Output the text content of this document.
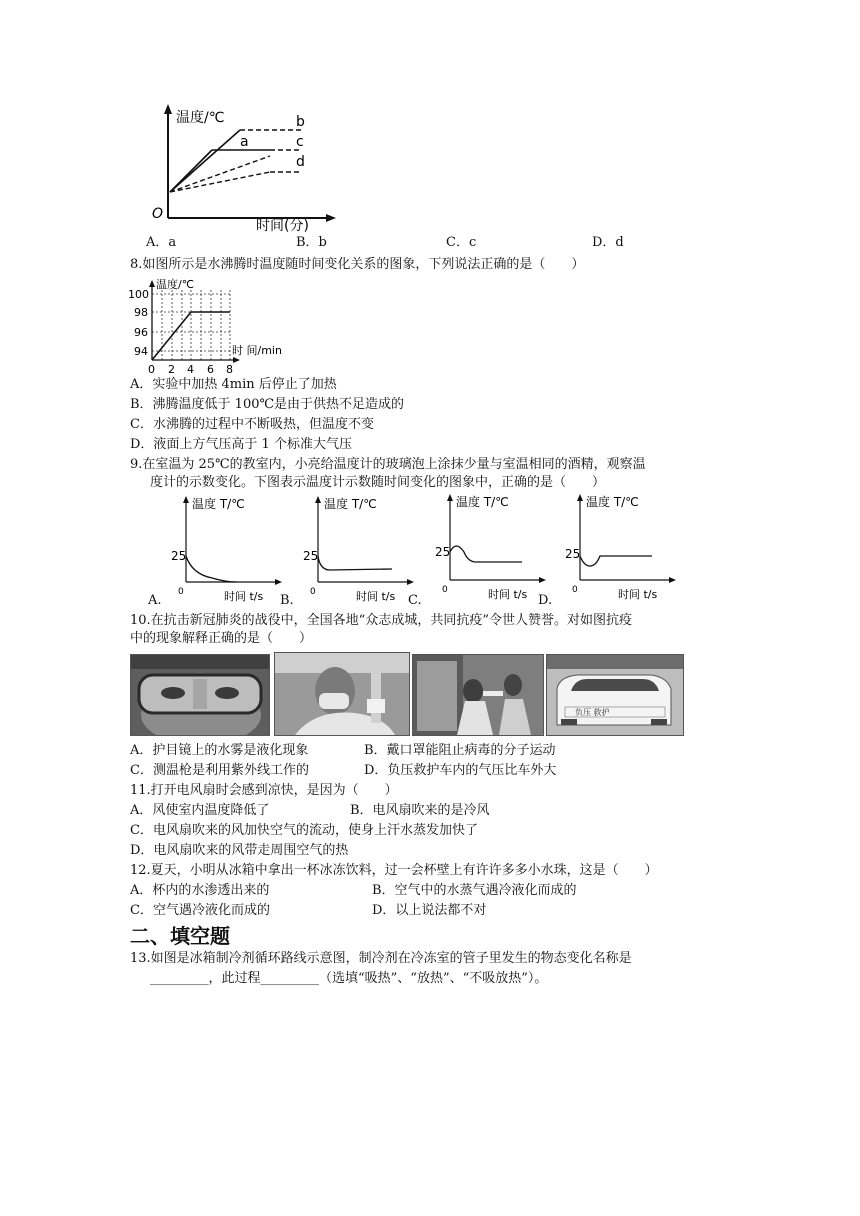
温度/℃
时间(分)
O
a
b
c
d
A．a	B．b	C．c	D．d
8.如图所示是水沸腾时温度随时间变化关系的图象，下列说法正确的是（　　）
温度/℃
时 间/min
100
98
96
94
0 2 4 6 8
A．实验中加热 4min 后停止了加热
B．沸腾温度低于 100℃是由于供热不足造成的
C．水沸腾的过程中不断吸热，但温度不变
D．液面上方气压高于 1 个标准大气压
9.在室温为 25℃的教室内，小亮给温度计的玻璃泡上涂抹少量与室温相同的酒精，观察温
度计的示数变化。下图表示温度计示数随时间变化的图象中，正确的是（　　）
温度 T/℃
25
0	时间 t/s
A.
温度 T/℃
25
0	时间 t/s
B.
温度 T/℃
25
0	时间 t/s
C.
温度 T/℃
25
0	时间 t/s
D.
10.在抗击新冠肺炎的战役中，全国各地“众志成城，共同抗疫”令世人赞誉。对如图抗疫
中的现象解释正确的是（　　）
负压 救护
A．护目镜上的水雾是液化现象	B．戴口罩能阻止病毒的分子运动
C．测温枪是利用紫外线工作的	D．负压救护车内的气压比车外大
11.打开电风扇时会感到凉快，是因为（　　）
A．风使室内温度降低了	B．电风扇吹来的是冷风
C．电风扇吹来的风加快空气的流动，使身上汗水蒸发加快了
D．电风扇吹来的风带走周围空气的热
12.夏天，小明从冰箱中拿出一杯冰冻饮料，过一会杯壁上有许许多多小水珠，这是（　　）
A．杯内的水渗透出来的	B．空气中的水蒸气遇冷液化而成的
C．空气遇冷液化而成的	D．以上说法都不对
二、填空题
13.如图是冰箱制冷剂循环路线示意图，制冷剂在冷冻室的管子里发生的物态变化名称是
_________，此过程_________（选填“吸热”、“放热”、“不吸放热”）。
